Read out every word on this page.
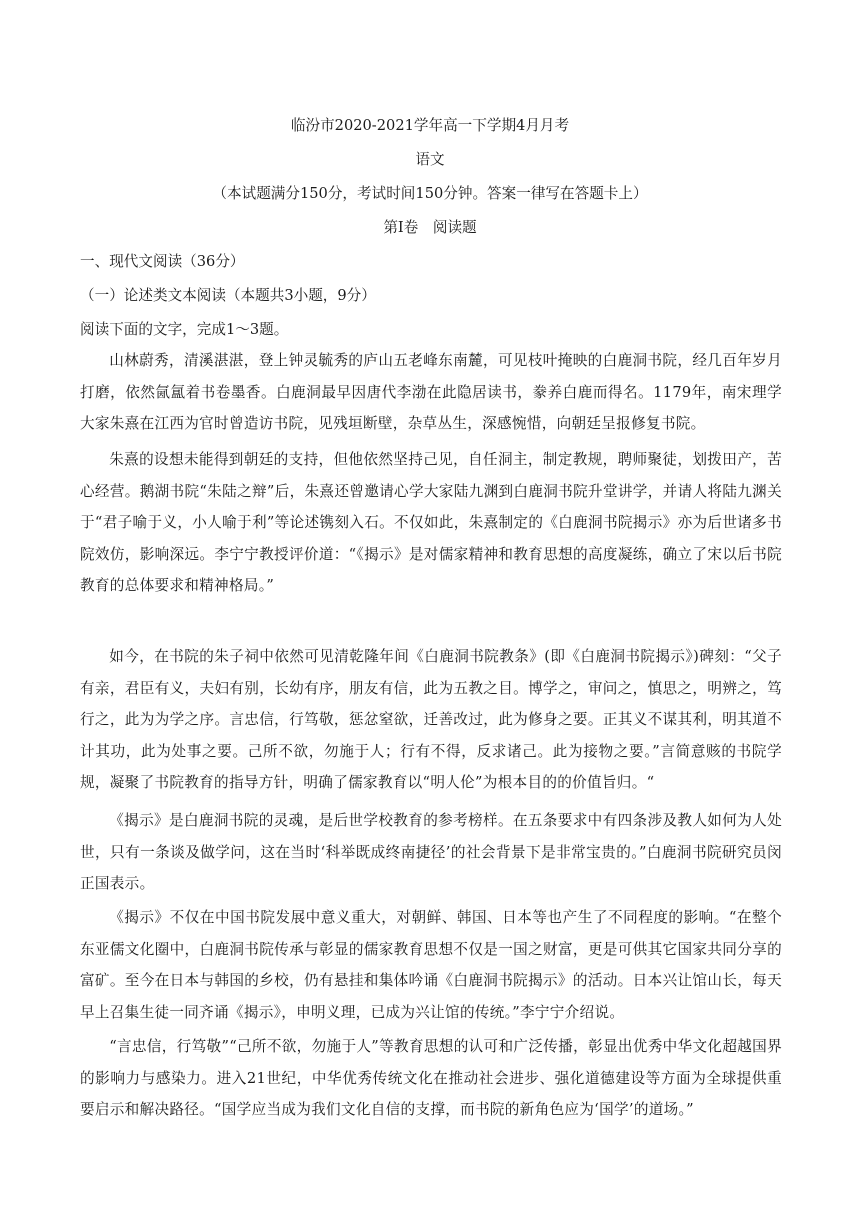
临汾市2020-2021学年高一下学期4月月考
语文
（本试题满分150分，考试时间150分钟。答案一律写在答题卡上）
第Ⅰ卷　阅读题
一、现代文阅读（36分）
（一）论述类文本阅读（本题共3小题，9分）
阅读下面的文字，完成1～3题。
山林蔚秀，清溪湛湛，登上钟灵毓秀的庐山五老峰东南麓，可见枝叶掩映的白鹿洞书院，经几百年岁月打磨，依然氤氲着书卷墨香。白鹿洞最早因唐代李渤在此隐居读书，豢养白鹿而得名。1179年，南宋理学大家朱熹在江西为官时曾造访书院，见残垣断壁，杂草丛生，深感惋惜，向朝廷呈报修复书院。
朱熹的设想未能得到朝廷的支持，但他依然坚持己见，自任洞主，制定教规，聘师聚徒，划拨田产，苦心经营。鹅湖书院“朱陆之辩”后，朱熹还曾邀请心学大家陆九渊到白鹿洞书院升堂讲学，并请人将陆九渊关于“君子喻于义，小人喻于利”等论述镌刻入石。不仅如此，朱熹制定的《白鹿洞书院揭示》亦为后世诸多书院效仿，影响深远。李宁宁教授评价道：“《揭示》是对儒家精神和教育思想的高度凝练，确立了宋以后书院教育的总体要求和精神格局。”
如今，在书院的朱子祠中依然可见清乾隆年间《白鹿洞书院教条》(即《白鹿洞书院揭示》)碑刻：“父子有亲，君臣有义，夫妇有别，长幼有序，朋友有信，此为五教之目。博学之，审问之，慎思之，明辨之，笃行之，此为为学之序。言忠信，行笃敬，惩忿窒欲，迁善改过，此为修身之要。正其义不谋其利，明其道不计其功，此为处事之要。己所不欲，勿施于人；行有不得，反求诸己。此为接物之要。”言简意赅的书院学规，凝聚了书院教育的指导方针，明确了儒家教育以“明人伦”为根本目的的价值旨归。“
《揭示》是白鹿洞书院的灵魂，是后世学校教育的参考榜样。在五条要求中有四条涉及教人如何为人处世，只有一条谈及做学问，这在当时‘科举既成终南捷径’的社会背景下是非常宝贵的。”白鹿洞书院研究员闵正国表示。
《揭示》不仅在中国书院发展中意义重大，对朝鲜、韩国、日本等也产生了不同程度的影响。“在整个东亚儒文化圈中，白鹿洞书院传承与彰显的儒家教育思想不仅是一国之财富，更是可供其它国家共同分享的富矿。至今在日本与韩国的乡校，仍有悬挂和集体吟诵《白鹿洞书院揭示》的活动。日本兴让馆山长，每天早上召集生徒一同齐诵《揭示》，申明义理，已成为兴让馆的传统。”李宁宁介绍说。
“言忠信，行笃敬”“己所不欲，勿施于人”等教育思想的认可和广泛传播，彰显出优秀中华文化超越国界的影响力与感染力。进入21世纪，中华优秀传统文化在推动社会进步、强化道德建设等方面为全球提供重要启示和解决路径。“国学应当成为我们文化自信的支撑，而书院的新角色应为‘国学’的道场。”
